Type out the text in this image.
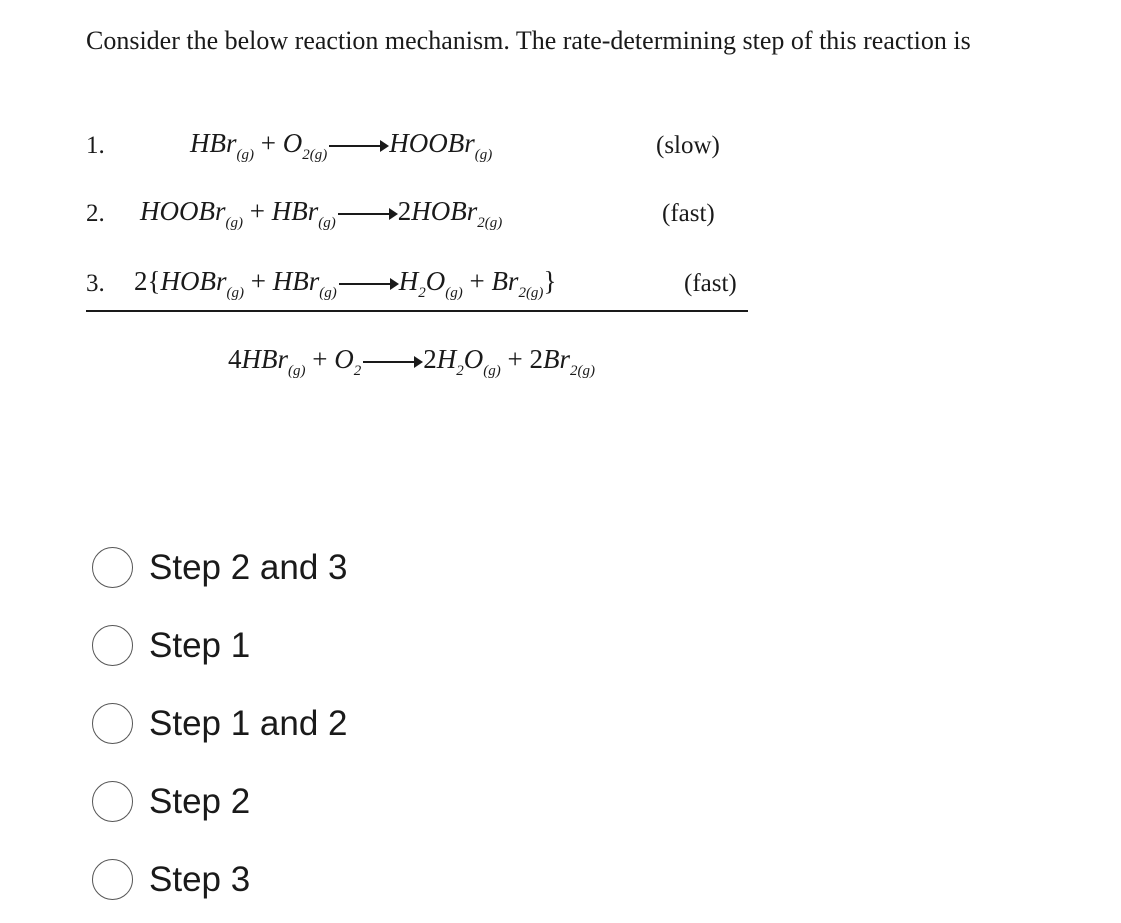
Consider the below reaction mechanism. The rate-determining step of this reaction is

1.	$HBr_{(g)} + O_{2(g)}$ → HOOBr$_{(g)}$	(slow)
2. HOOBr$_{(g)}$ + HBr$_{(g)}$ → 2HOBr$_{2(g)}$	(fast)
3. 2{HOBr$_{(g)}$ + $HBr_{(g)} \to H_2O_{(g)} + Br_{2(g)}$}	(fast)
$4HBr_{(g)} + O_2 \to 2H_2O_{(g)} + 2Br_{2(g)}$
Step 2 and 3
Step 1
Step 1 and 2
Step 2
Step 3
